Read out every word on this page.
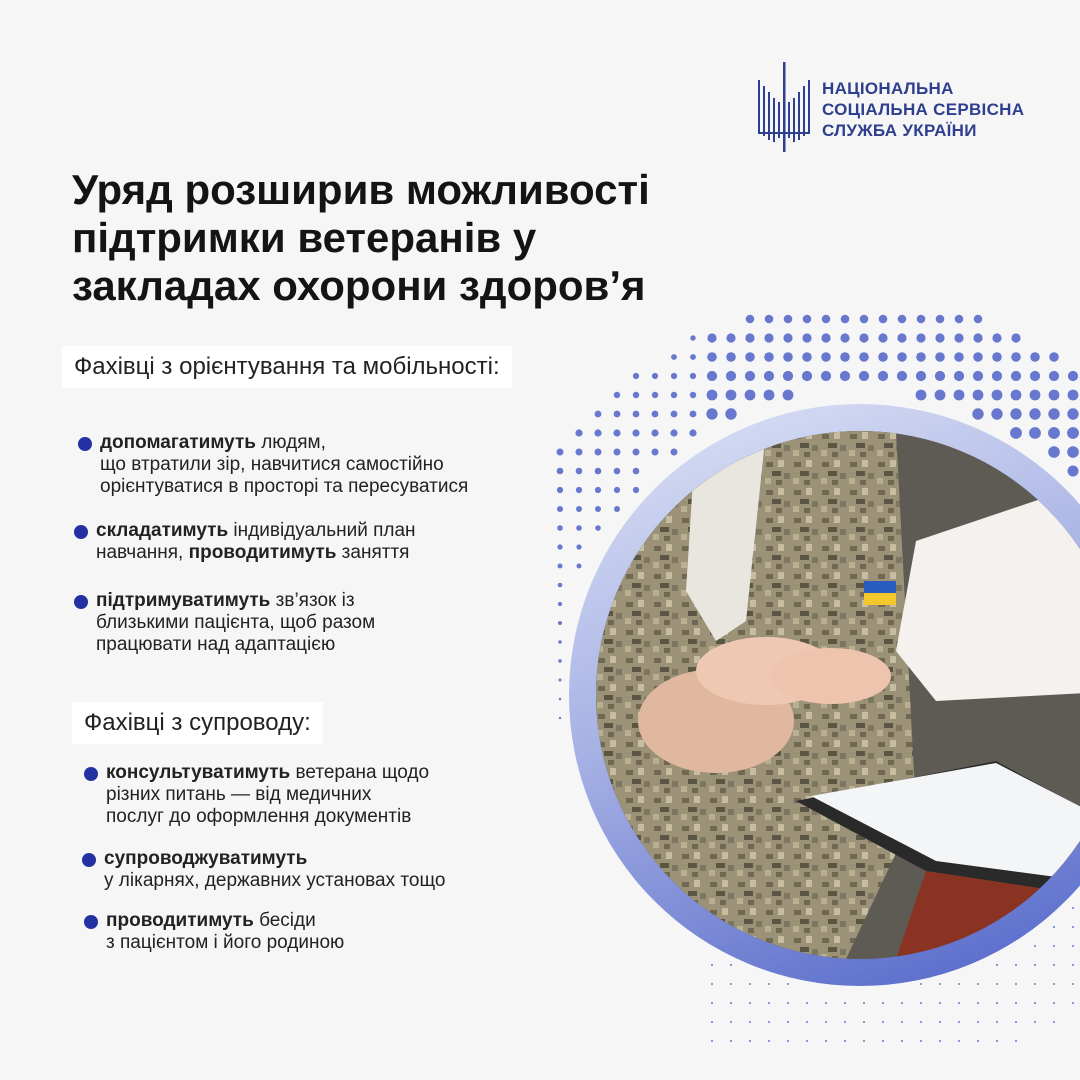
НАЦІОНАЛЬНА
СОЦІАЛЬНА СЕРВІСНА
СЛУЖБА УКРАЇНИ
Уряд розширив можливості
підтримки ветеранів у
закладах охорони здоров’я
Фахівці з орієнтування та мобільності:
допомагатимуть людям,
що втратили зір, навчитися самостійно
орієнтуватися в просторі та пересуватися
складатимуть індивідуальний план
навчання, проводитимуть заняття
підтримуватимуть зв’язок із
близькими пацієнта, щоб разом
працювати над адаптацією
Фахівці з супроводу:
консультуватимуть ветерана щодо
різних питань — від медичних
послуг до оформлення документів
супроводжуватимуть
у лікарнях, державних установах тощо
проводитимуть бесіди
з пацієнтом і його родиною
